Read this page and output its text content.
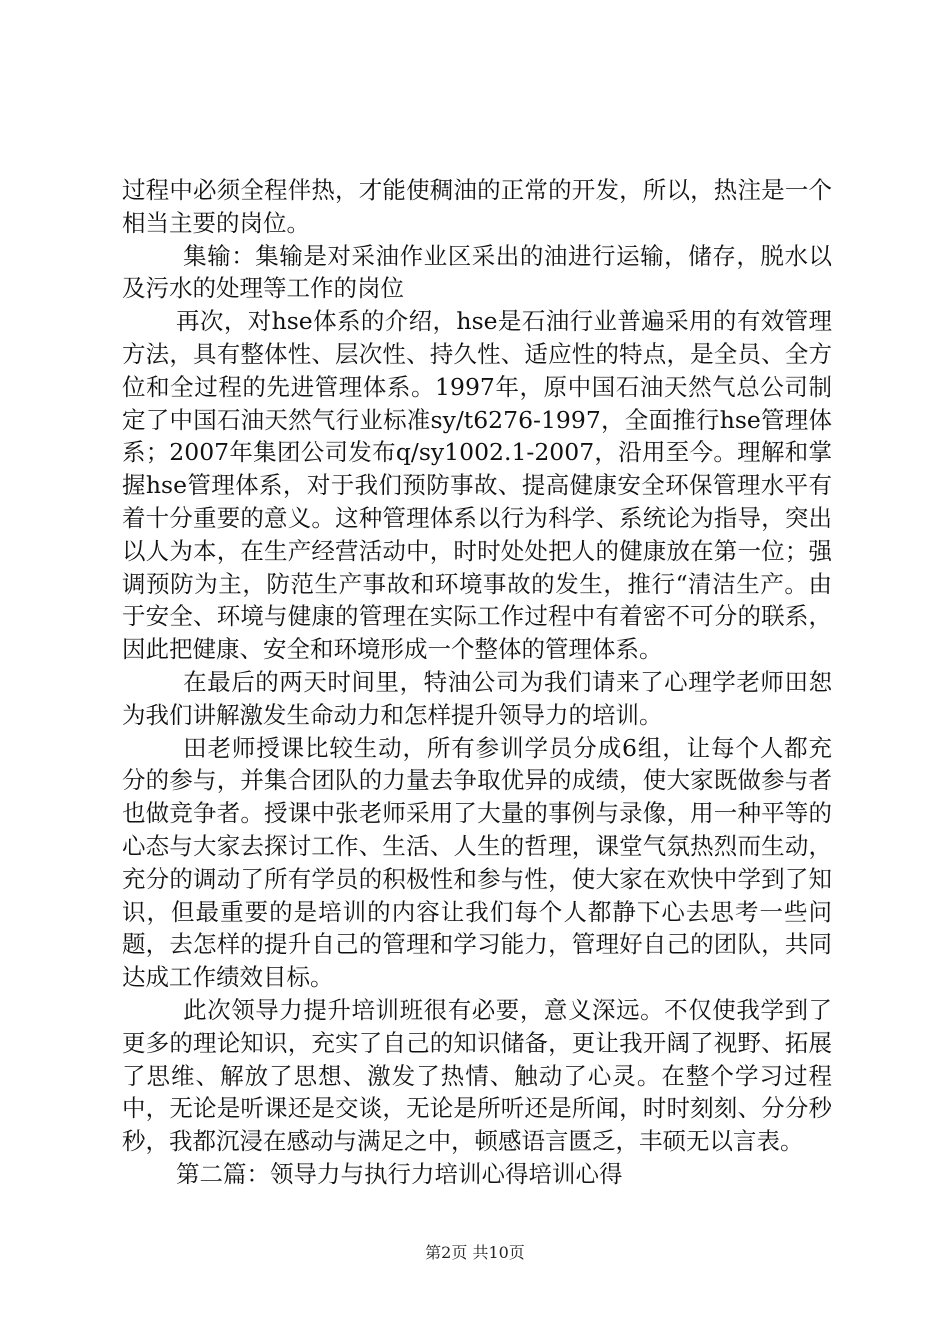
过程中必须全程伴热，才能使稠油的正常的开发，所以，热注是一个相当主要的岗位。

集输：集输是对采油作业区采出的油进行运输，储存，脱水以及污水的处理等工作的岗位

再次，对hse体系的介绍，hse是石油行业普遍采用的有效管理方法，具有整体性、层次性、持久性、适应性的特点，是全员、全方位和全过程的先进管理体系。1997年，原中国石油天然气总公司制定了中国石油天然气行业标准sy/t6276-1997，全面推行hse管理体系；2007年集团公司发布q/sy1002.1-2007，沿用至今。理解和掌握hse管理体系，对于我们预防事故、提高健康安全环保管理水平有着十分重要的意义。这种管理体系以行为科学、系统论为指导，突出以人为本，在生产经营活动中，时时处处把人的健康放在第一位；强调预防为主，防范生产事故和环境事故的发生，推行“清洁生产。由于安全、环境与健康的管理在实际工作过程中有着密不可分的联系，因此把健康、安全和环境形成一个整体的管理体系。

在最后的两天时间里，特油公司为我们请来了心理学老师田恕为我们讲解激发生命动力和怎样提升领导力的培训。

田老师授课比较生动，所有参训学员分成6组，让每个人都充分的参与，并集合团队的力量去争取优异的成绩，使大家既做参与者也做竞争者。授课中张老师采用了大量的事例与录像，用一种平等的心态与大家去探讨工作、生活、人生的哲理，课堂气氛热烈而生动，充分的调动了所有学员的积极性和参与性，使大家在欢快中学到了知识，但最重要的是培训的内容让我们每个人都静下心去思考一些问题，去怎样的提升自己的管理和学习能力，管理好自己的团队，共同达成工作绩效目标。

此次领导力提升培训班很有必要，意义深远。不仅使我学到了更多的理论知识，充实了自己的知识储备，更让我开阔了视野、拓展了思维、解放了思想、激发了热情、触动了心灵。在整个学习过程中，无论是听课还是交谈，无论是所听还是所闻，时时刻刻、分分秒秒，我都沉浸在感动与满足之中，顿感语言匮乏，丰硕无以言表。

第二篇：领导力与执行力培训心得培训心得

第2页 共10页
